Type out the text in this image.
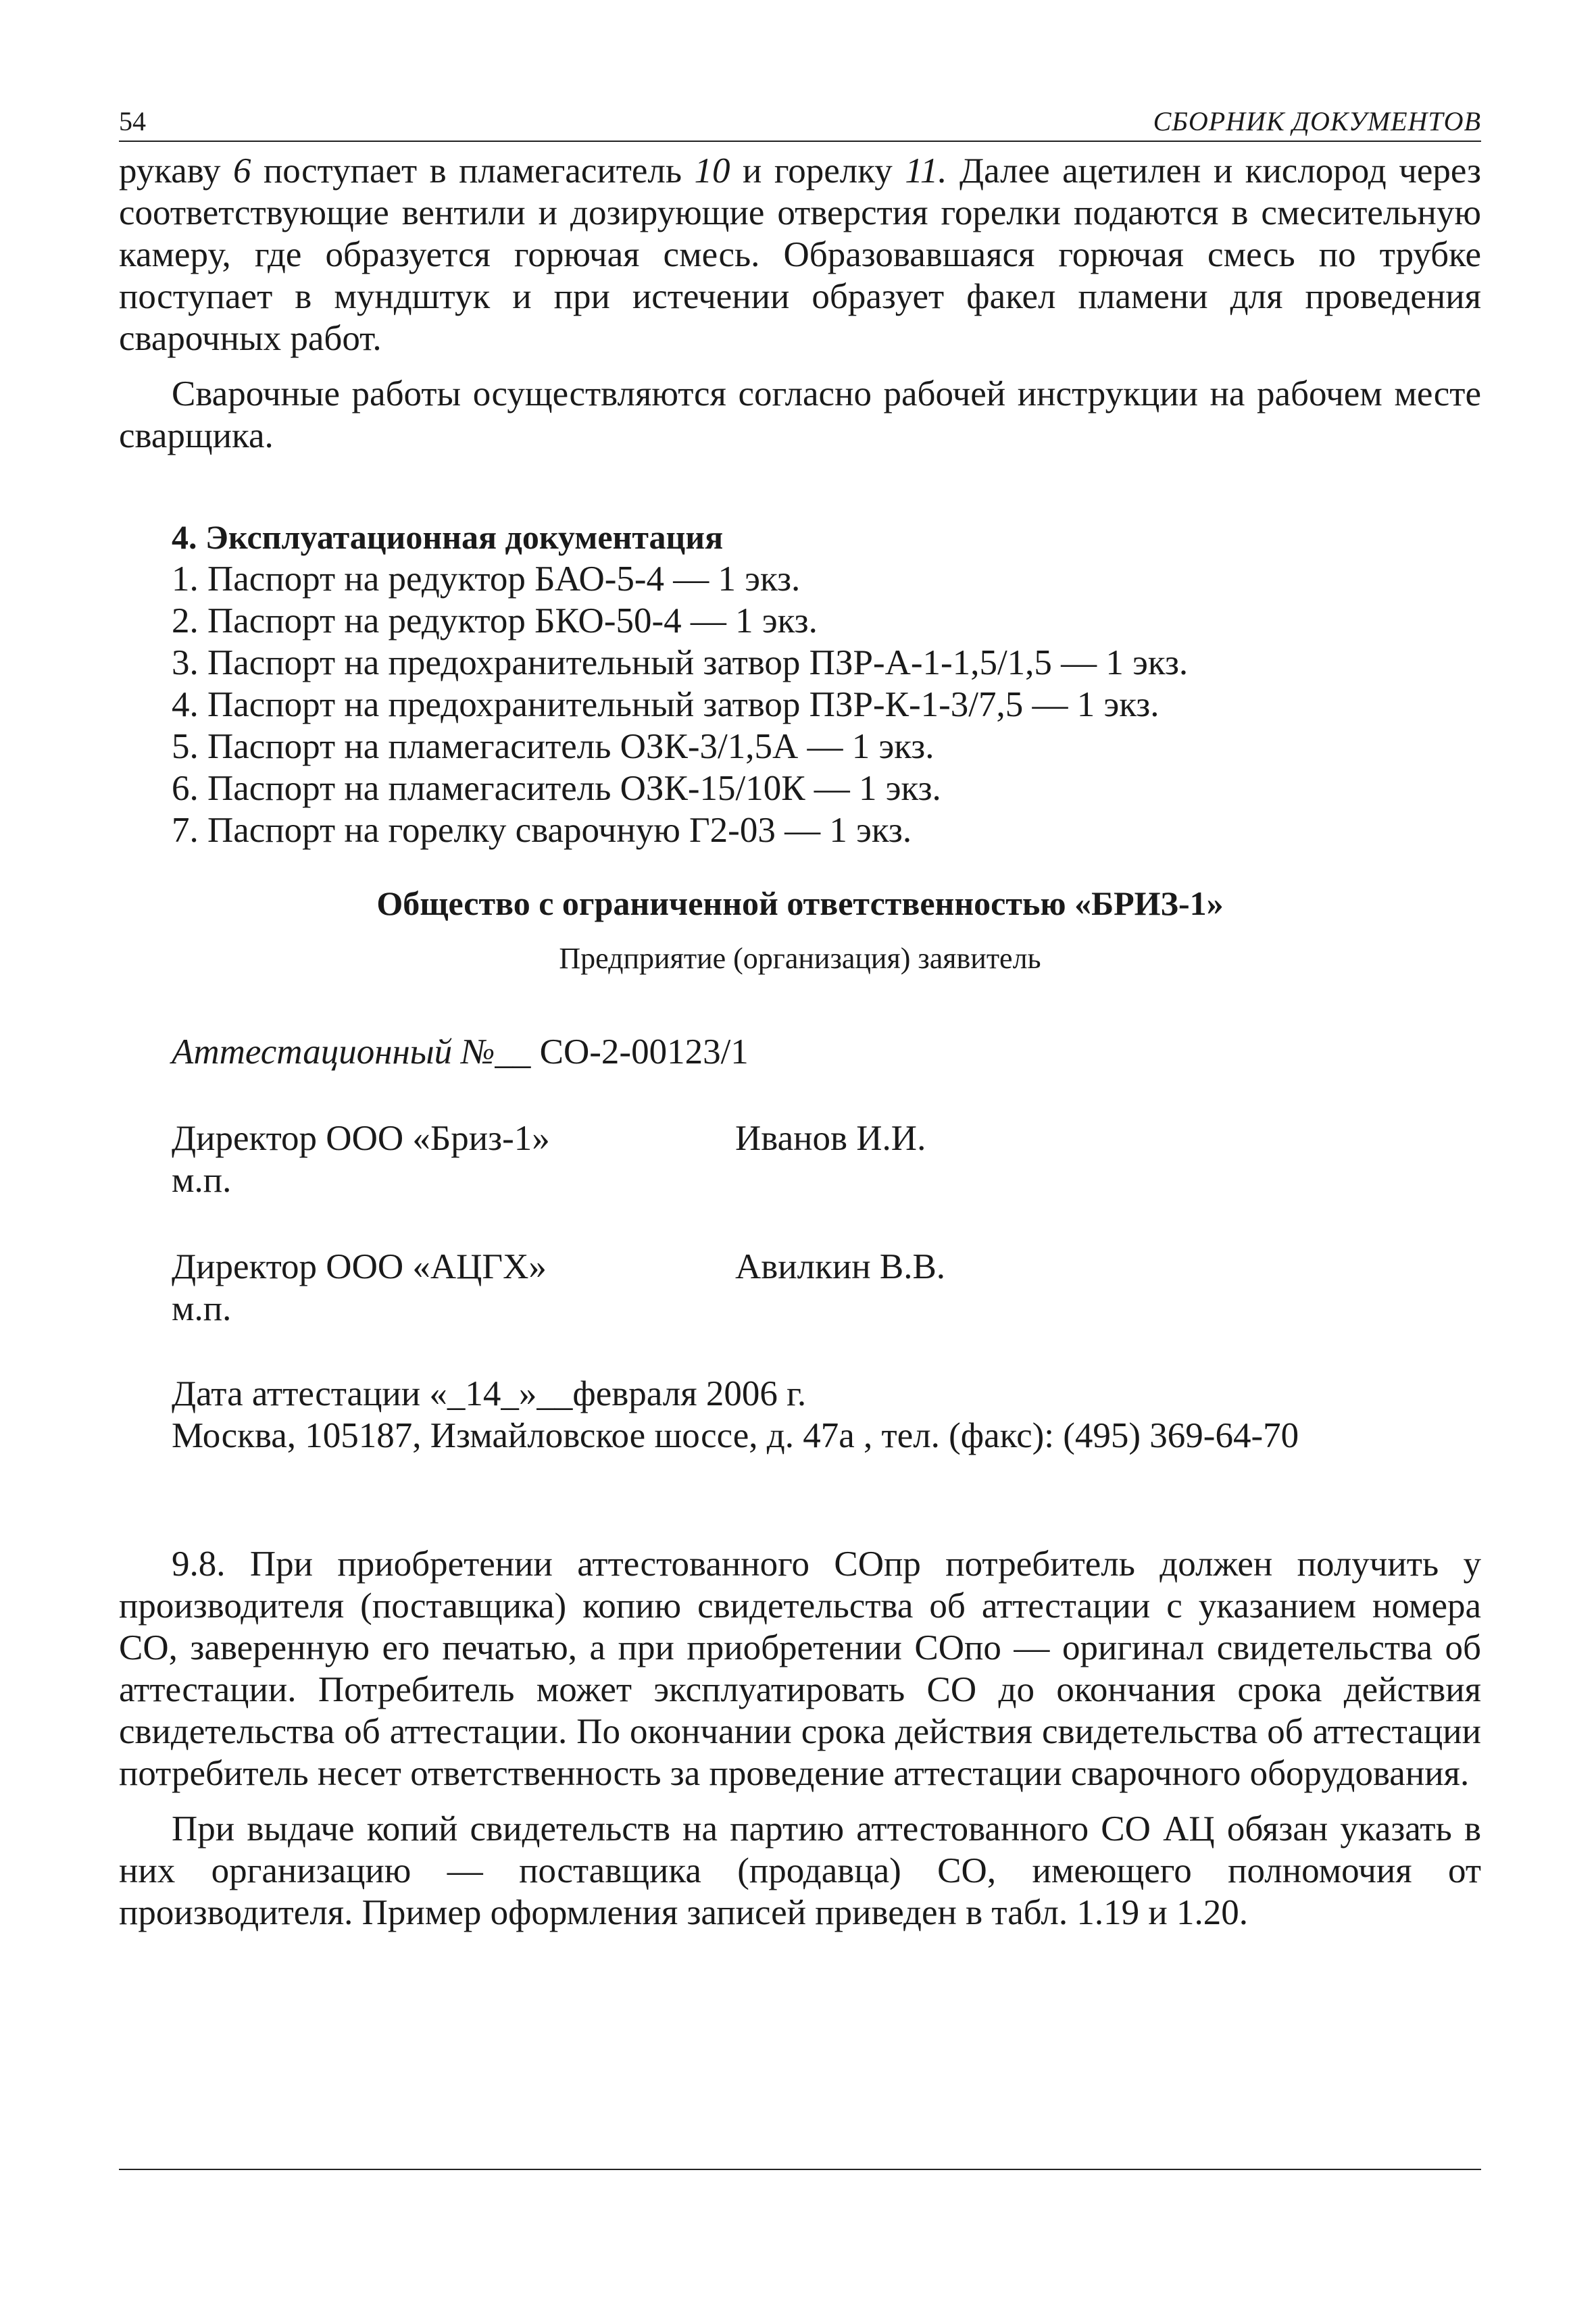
54	СБОРНИК ДОКУМЕНТОВ

рукаву 6 поступает в пламегаситель 10 и горелку 11. Далее ацетилен и кислород через соответствующие вентили и дозирующие отверстия горелки подаются в смесительную камеру, где образуется горючая смесь. Образовавшаяся горючая смесь по трубке поступает в мундштук и при истечении образует факел пламени для проведения сварочных работ.

Сварочные работы осуществляются согласно рабочей инструкции на рабочем месте сварщика.

4. Эксплуатационная документация

1. Паспорт на редуктор БАО-5-4 — 1 экз.
2. Паспорт на редуктор БКО-50-4 — 1 экз.
3. Паспорт на предохранительный затвор ПЗР-А-1-1,5/1,5 — 1 экз.
4. Паспорт на предохранительный затвор ПЗР-К-1-3/7,5 — 1 экз.
5. Паспорт на пламегаситель ОЗК-3/1,5А — 1 экз.
6. Паспорт на пламегаситель ОЗК-15/10К — 1 экз.
7. Паспорт на горелку сварочную Г2-03 — 1 экз.

Общество с ограниченной ответственностью «БРИЗ-1»

Предприятие (организация) заявитель
Аттестационный №__ СО-2-00123/1
Директор ООО «Бриз-1»	Иванов И.И.
м.п.
Директор ООО «АЦГХ»	Авилкин В.В.
м.п.
Дата аттестации «_14_»__февраля 2006 г.
Москва, 105187, Измайловское шоссе, д. 47а , тел. (факс): (495) 369-64-70

9.8. При приобретении аттестованного СОпр потребитель должен получить у производителя (поставщика) копию свидетельства об аттестации с указанием номера СО, заверенную его печатью, а при приобретении СОпо — оригинал свидетельства об аттестации. Потребитель может эксплуатировать СО до окончания срока действия свидетельства об аттестации. По окончании срока действия свидетельства об аттестации потребитель несет ответственность за проведение аттестации сварочного оборудования.

При выдаче копий свидетельств на партию аттестованного СО АЦ обязан указать в них организацию — поставщика (продавца) СО, имеющего полномочия от производителя. Пример оформления записей приведен в табл. 1.19 и 1.20.
